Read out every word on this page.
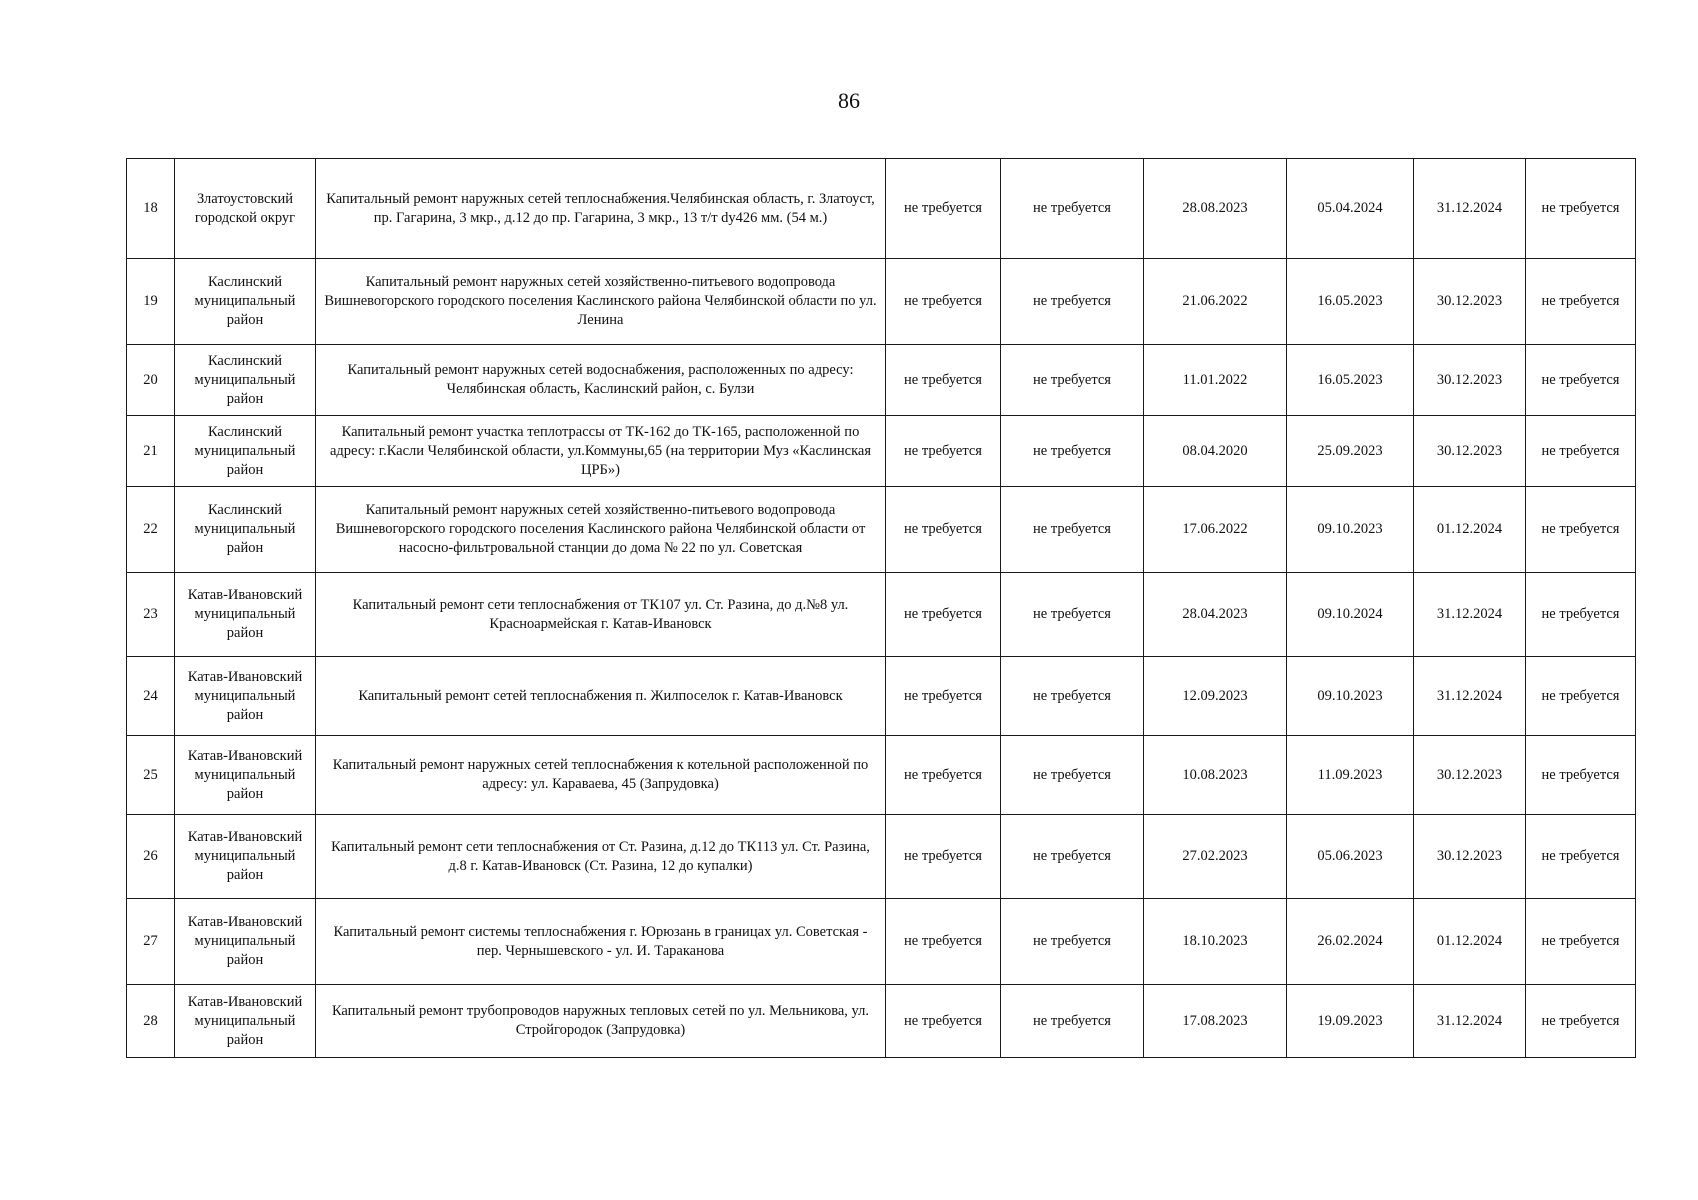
86
18	Златоустовский городской округ	Капитальный ремонт наружных сетей теплоснабжения.Челябинская область, г. Златоуст, пр. Гагарина, 3 мкр., д.12 до пр. Гагарина, 3 мкр., 13 т/т dy426 мм. (54 м.)	не требуется	не требуется	28.08.2023	05.04.2024	31.12.2024	не требуется
19	Каслинский муниципальный район	Капитальный ремонт наружных сетей хозяйственно-питьевого водопровода Вишневогорского городского поселения Каслинского района Челябинской области по ул. Ленина	не требуется	не требуется	21.06.2022	16.05.2023	30.12.2023	не требуется
20	Каслинский муниципальный район	Капитальный ремонт наружных сетей водоснабжения, расположенных по адресу: Челябинская область, Каслинский район, с. Булзи	не требуется	не требуется	11.01.2022	16.05.2023	30.12.2023	не требуется
21	Каслинский муниципальный район	Капитальный ремонт участка теплотрассы от ТК-162 до ТК-165, расположенной по адресу: г.Касли Челябинской области, ул.Коммуны,65 (на территории Муз «Каслинская ЦРБ»)	не требуется	не требуется	08.04.2020	25.09.2023	30.12.2023	не требуется
22	Каслинский муниципальный район	Капитальный ремонт наружных сетей хозяйственно-питьевого водопровода Вишневогорского городского поселения Каслинского района Челябинской области от насосно-фильтровальной станции до дома № 22 по ул. Советская	не требуется	не требуется	17.06.2022	09.10.2023	01.12.2024	не требуется
23	Катав-Ивановский муниципальный район	Капитальный ремонт сети теплоснабжения от ТК107 ул. Ст. Разина, до д.№8 ул. Красноармейская г. Катав-Ивановск	не требуется	не требуется	28.04.2023	09.10.2024	31.12.2024	не требуется
24	Катав-Ивановский муниципальный район	Капитальный ремонт сетей теплоснабжения п. Жилпоселок г. Катав-Ивановск	не требуется	не требуется	12.09.2023	09.10.2023	31.12.2024	не требуется
25	Катав-Ивановский муниципальный район	Капитальный ремонт наружных сетей теплоснабжения к котельной расположенной по адресу: ул. Караваева, 45 (Запрудовка)	не требуется	не требуется	10.08.2023	11.09.2023	30.12.2023	не требуется
26	Катав-Ивановский муниципальный район	Капитальный ремонт сети теплоснабжения от Ст. Разина, д.12 до ТК113 ул. Ст. Разина, д.8 г. Катав-Ивановск (Ст. Разина, 12 до купалки)	не требуется	не требуется	27.02.2023	05.06.2023	30.12.2023	не требуется
27	Катав-Ивановский муниципальный район	Капитальный ремонт системы теплоснабжения г. Юрюзань в границах ул. Советская - пер. Чернышевского - ул. И. Тараканова	не требуется	не требуется	18.10.2023	26.02.2024	01.12.2024	не требуется
28	Катав-Ивановский муниципальный район	Капитальный ремонт трубопроводов наружных тепловых сетей по ул. Мельникова, ул. Стройгородок (Запрудовка)	не требуется	не требуется	17.08.2023	19.09.2023	31.12.2024	не требуется
